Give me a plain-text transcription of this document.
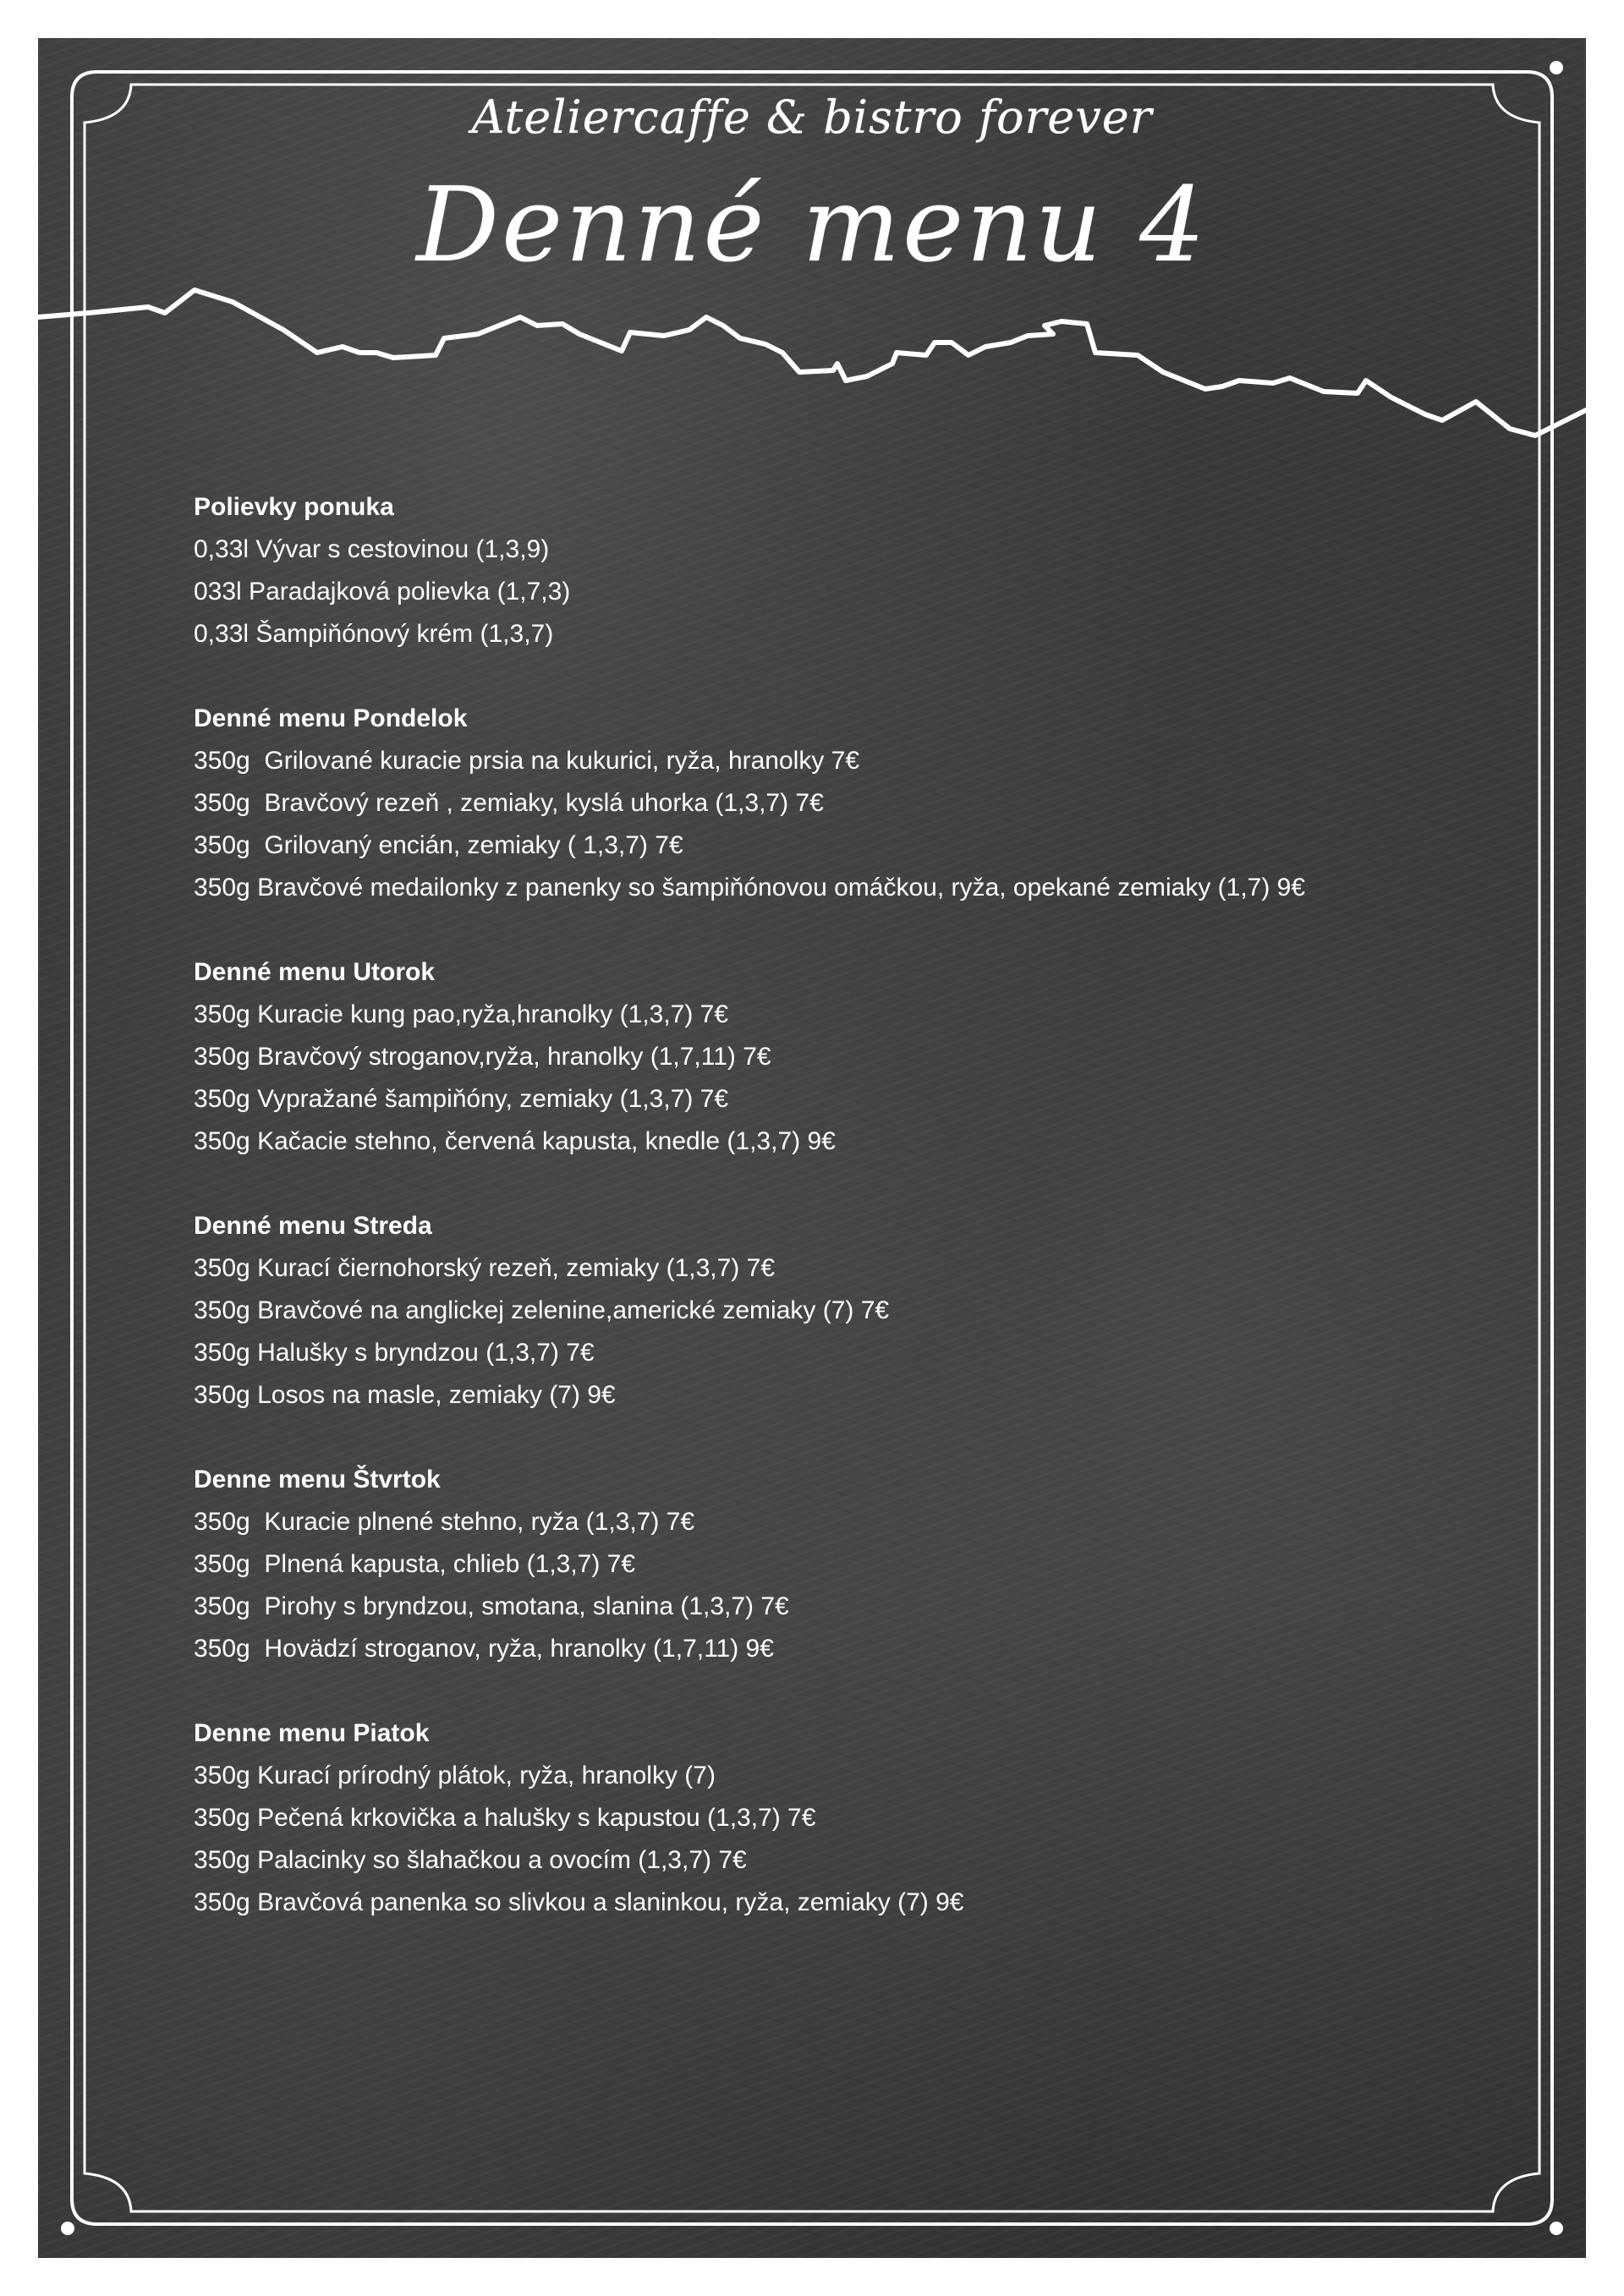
Ateliercaffe & bistro forever
Denné menu 4
Polievky ponuka
0,33l Vývar s cestovinou (1,3,9)
033l Paradajková polievka (1,7,3)
0,33l Šampiňónový krém (1,3,7)
Denné menu Pondelok
350g  Grilované kuracie prsia na kukurici, ryža, hranolky 7€
350g  Bravčový rezeň , zemiaky, kyslá uhorka (1,3,7) 7€
350g  Grilovaný encián, zemiaky ( 1,3,7) 7€
350g Bravčové medailonky z panenky so šampiňónovou omáčkou, ryža, opekané zemiaky (1,7) 9€
Denné menu Utorok
350g Kuracie kung pao,ryža,hranolky (1,3,7) 7€
350g Bravčový stroganov,ryža, hranolky (1,7,11) 7€
350g Vypražané šampiňóny, zemiaky (1,3,7) 7€
350g Kačacie stehno, červená kapusta, knedle (1,3,7) 9€
Denné menu Streda
350g Kurací čiernohorský rezeň, zemiaky (1,3,7) 7€
350g Bravčové na anglickej zelenine,americké zemiaky (7) 7€
350g Halušky s bryndzou (1,3,7) 7€
350g Losos na masle, zemiaky (7) 9€
Denne menu Štvrtok
350g  Kuracie plnené stehno, ryža (1,3,7) 7€
350g  Plnená kapusta, chlieb (1,3,7) 7€
350g  Pirohy s bryndzou, smotana, slanina (1,3,7) 7€
350g  Hovädzí stroganov, ryža, hranolky (1,7,11) 9€
Denne menu Piatok
350g Kurací prírodný plátok, ryža, hranolky (7)
350g Pečená krkovička a halušky s kapustou (1,3,7) 7€
350g Palacinky so šlahačkou a ovocím (1,3,7) 7€
350g Bravčová panenka so slivkou a slaninkou, ryža, zemiaky (7) 9€
